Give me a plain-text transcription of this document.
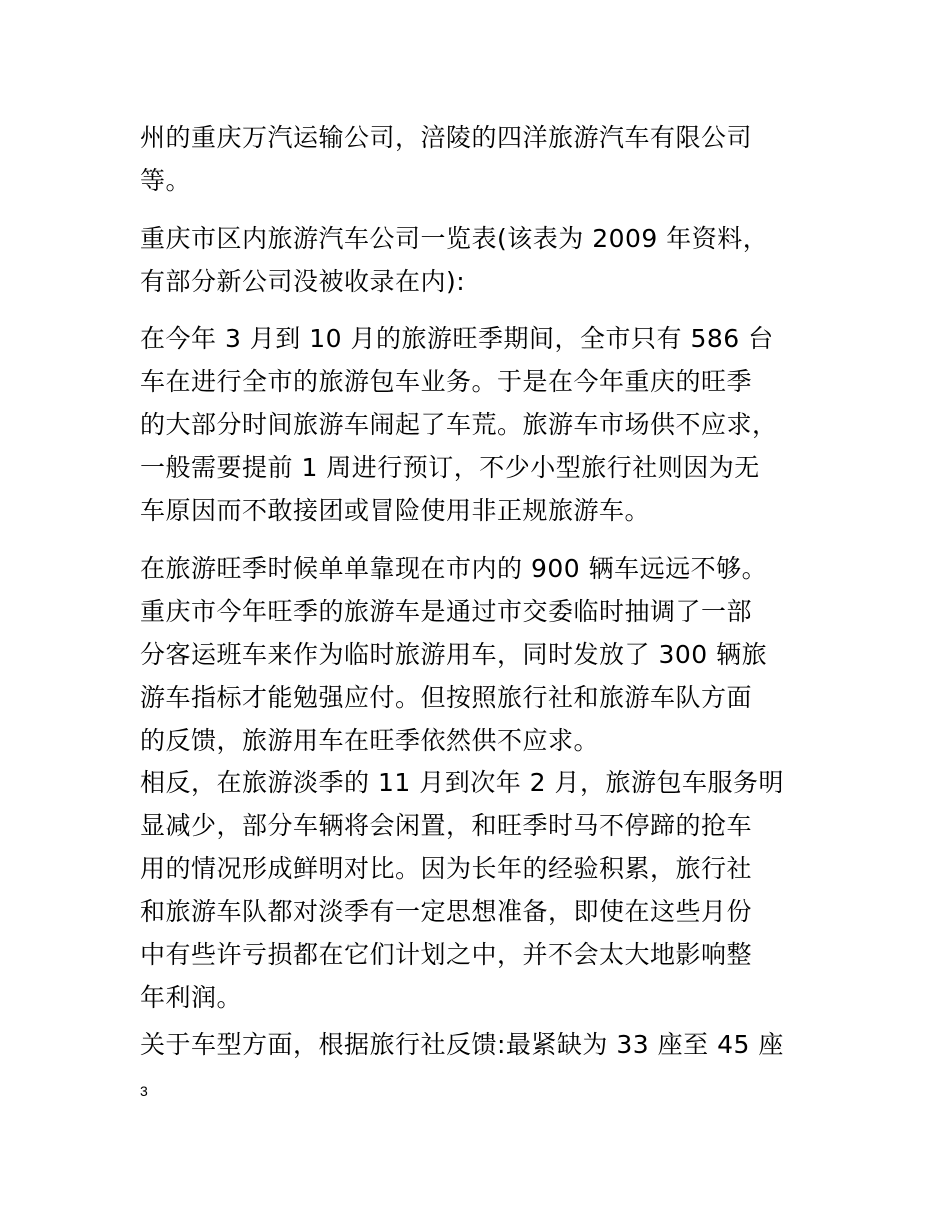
州的重庆万汽运输公司，涪陵的四洋旅游汽车有限公司
等。

重庆市区内旅游汽车公司一览表(该表为 2009 年资料，
有部分新公司没被收录在内):

在今年 3 月到 10 月的旅游旺季期间，全市只有 586 台
车在进行全市的旅游包车业务。于是在今年重庆的旺季
的大部分时间旅游车闹起了车荒。旅游车市场供不应求，
一般需要提前 1 周进行预订，不少小型旅行社则因为无
车原因而不敢接团或冒险使用非正规旅游车。

在旅游旺季时候单单靠现在市内的 900 辆车远远不够。
重庆市今年旺季的旅游车是通过市交委临时抽调了一部
分客运班车来作为临时旅游用车，同时发放了 300 辆旅
游车指标才能勉强应付。但按照旅行社和旅游车队方面
的反馈，旅游用车在旺季依然供不应求。

相反，在旅游淡季的 11 月到次年 2 月，旅游包车服务明
显减少，部分车辆将会闲置，和旺季时马不停蹄的抢车
用的情况形成鲜明对比。因为长年的经验积累，旅行社
和旅游车队都对淡季有一定思想准备，即使在这些月份
中有些许亏损都在它们计划之中，并不会太大地影响整
年利润。

关于车型方面，根据旅行社反馈:最紧缺为 33 座至 45 座

3
